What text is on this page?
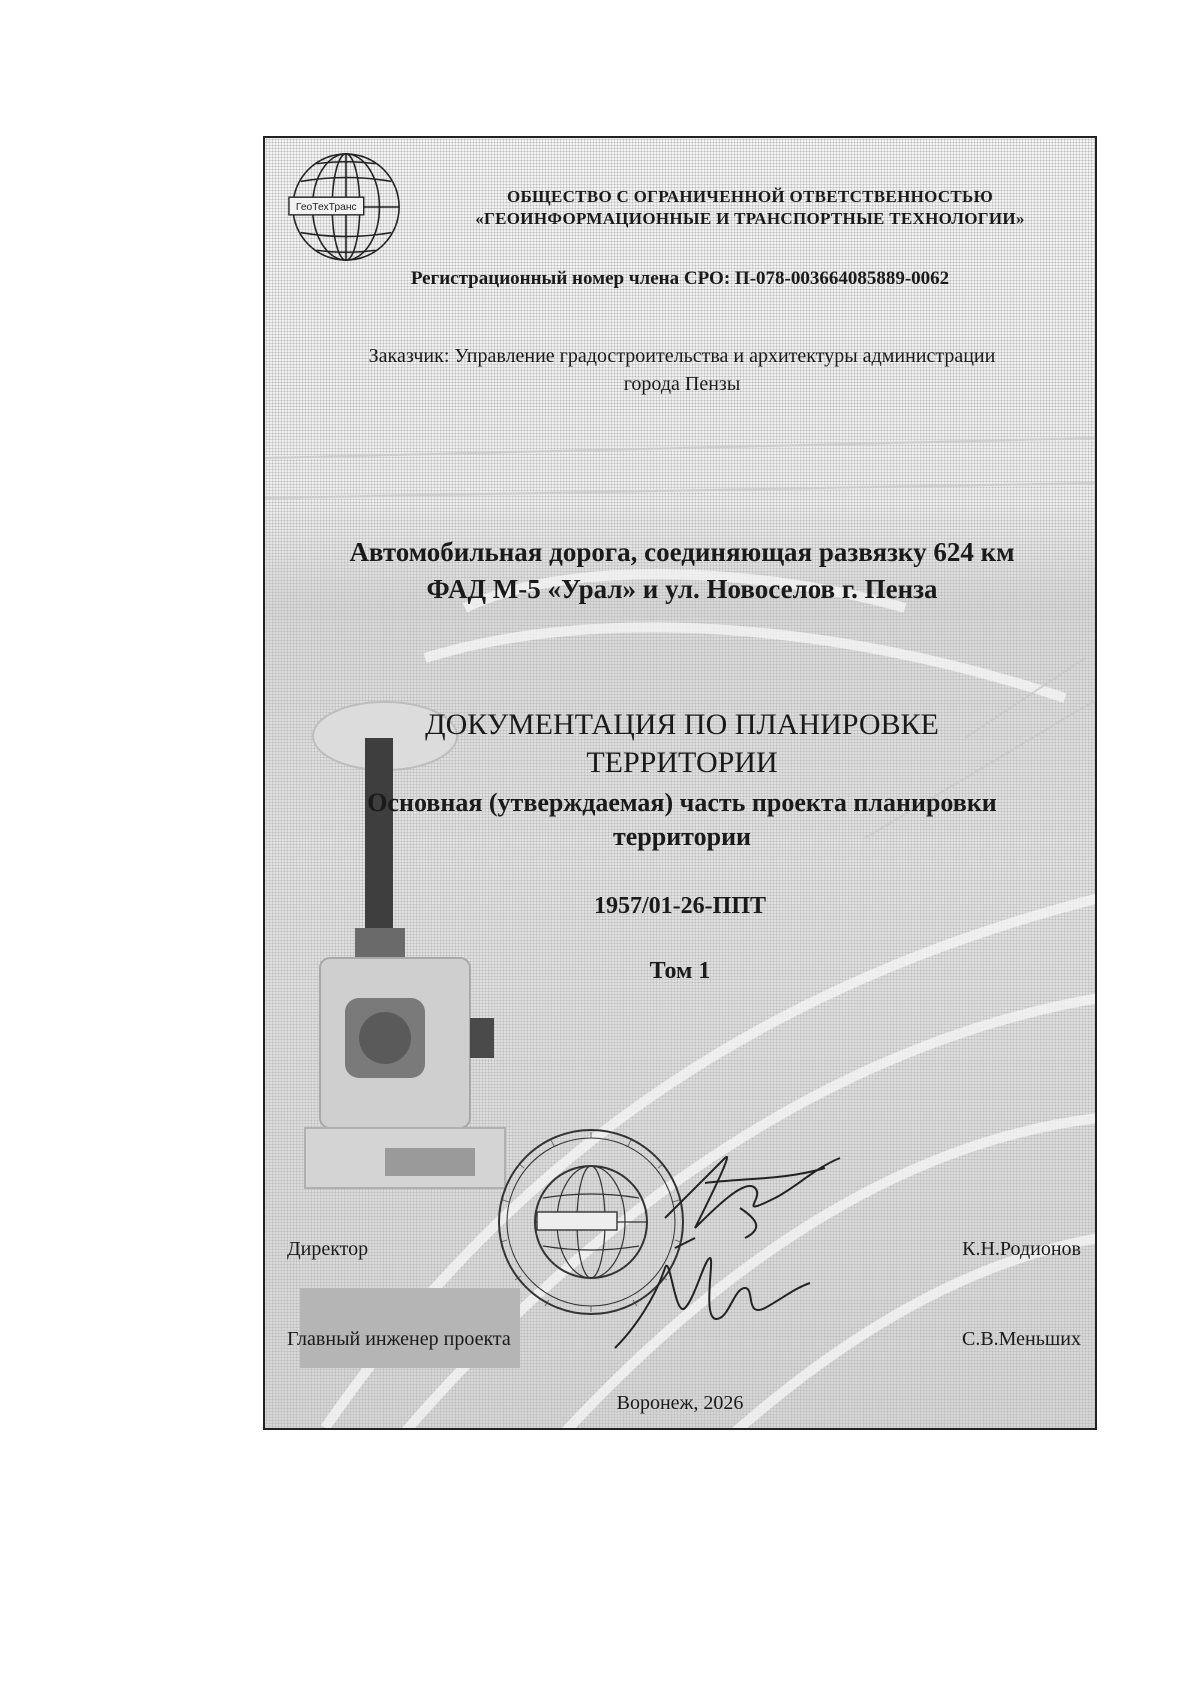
ГеоТехТранс
ОБЩЕСТВО С ОГРАНИЧЕННОЙ ОТВЕТСТВЕННОСТЬЮ
«ГЕОИНФОРМАЦИОННЫЕ И ТРАНСПОРТНЫЕ ТЕХНОЛОГИИ»
Регистрационный номер члена СРО: П-078-003664085889-0062
Заказчик: Управление градостроительства и архитектуры администрации
города Пензы
Автомобильная дорога, соединяющая развязку 624 км
ФАД М-5 «Урал» и ул. Новоселов г. Пенза
ДОКУМЕНТАЦИЯ ПО ПЛАНИРОВКЕ
ТЕРРИТОРИИ
Основная (утверждаемая) часть проекта планировки
территории
1957/01-26-ППТ
Том 1
Директор	К.Н.Родионов
Главный инженер проекта	С.В.Меньших
Воронеж, 2026
